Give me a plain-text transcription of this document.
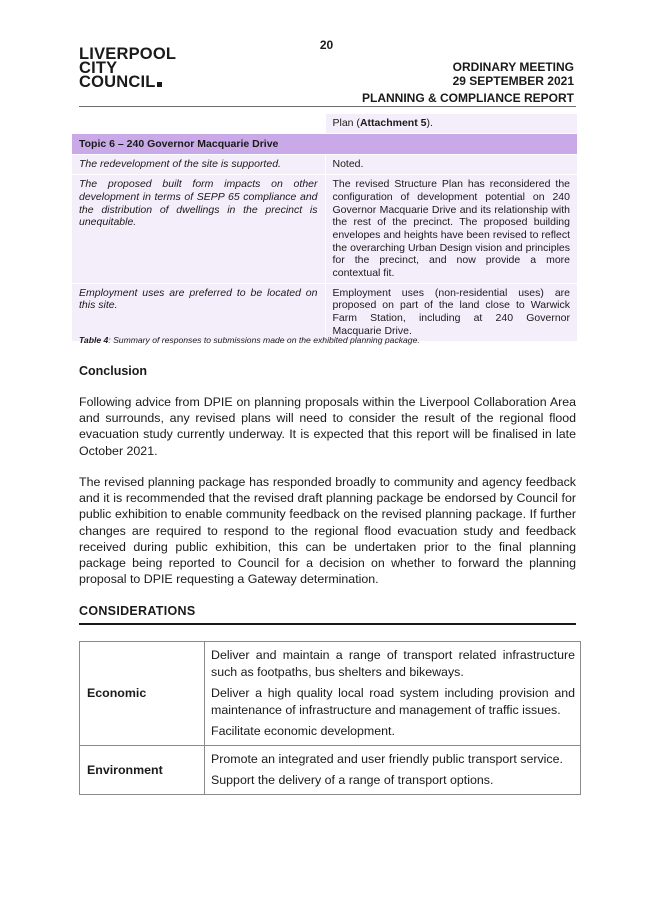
20
LIVERPOOL
CITY
COUNCIL
ORDINARY MEETING
29 SEPTEMBER 2021
PLANNING & COMPLIANCE REPORT
	Plan (Attachment 5).
Topic 6 – 240 Governor Macquarie Drive	
The redevelopment of the site is supported.	Noted.
The proposed built form impacts on other development in terms of SEPP 65 compliance and the distribution of dwellings in the precinct is unequitable.	The revised Structure Plan has reconsidered the configuration of development potential on 240 Governor Macquarie Drive and its relationship with the rest of the precinct. The proposed building envelopes and heights have been revised to reflect the overarching Urban Design vision and principles for the precinct, and now provide a more contextual fit.
Employment uses are preferred to be located on this site.	Employment uses (non-residential uses) are proposed on part of the land close to Warwick Farm Station, including at 240 Governor Macquarie Drive.
Table 4: Summary of responses to submissions made on the exhibited planning package.
Conclusion
Following advice from DPIE on planning proposals within the Liverpool Collaboration Area and surrounds, any revised plans will need to consider the result of the regional flood evacuation study currently underway. It is expected that this report will be finalised in late October 2021.
The revised planning package has responded broadly to community and agency feedback and it is recommended that the revised draft planning package be endorsed by Council for public exhibition to enable community feedback on the revised planning package. If further changes are required to respond to the regional flood evacuation study and feedback received during public exhibition, this can be undertaken prior to the final planning package being reported to Council for a decision on whether to forward the planning proposal to DPIE requesting a Gateway determination.
CONSIDERATIONS
Economic	Deliver and maintain a range of transport related infrastructure such as footpaths, bus shelters and bikeways.
Deliver a high quality local road system including provision and maintenance of infrastructure and management of traffic issues.
Facilitate economic development.

Environment	Promote an integrated and user friendly public transport service.
Support the delivery of a range of transport options.
